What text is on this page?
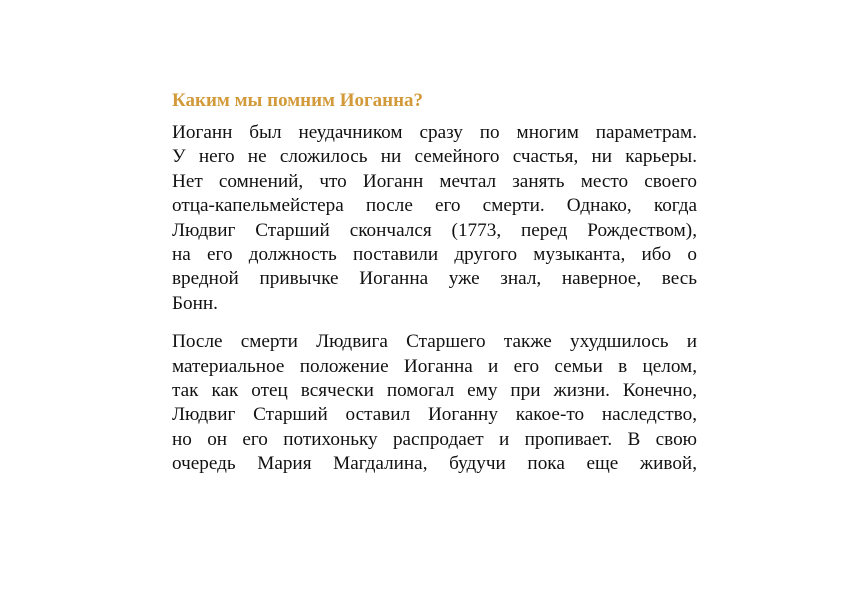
Каким мы помним Иоганна?

Иоганн был неудачником сразу по многим параметрам.
У него не сложилось ни семейного счастья, ни карьеры.
Нет сомнений, что Иоганн мечтал занять место своего
отца-капельмейстера после его смерти. Однако, когда
Людвиг Старший скончался (1773, перед Рождеством),
на его должность поставили другого музыканта, ибо о
вредной привычке Иоганна уже знал, наверное, весь
Бонн.

После смерти Людвига Старшего также ухудшилось и
материальное положение Иоганна и его семьи в целом,
так как отец всячески помогал ему при жизни. Конечно,
Людвиг Старший оставил Иоганну какое-то наследство,
но он его потихоньку распродает и пропивает. В свою
очередь Мария Магдалина, будучи пока еще живой,
